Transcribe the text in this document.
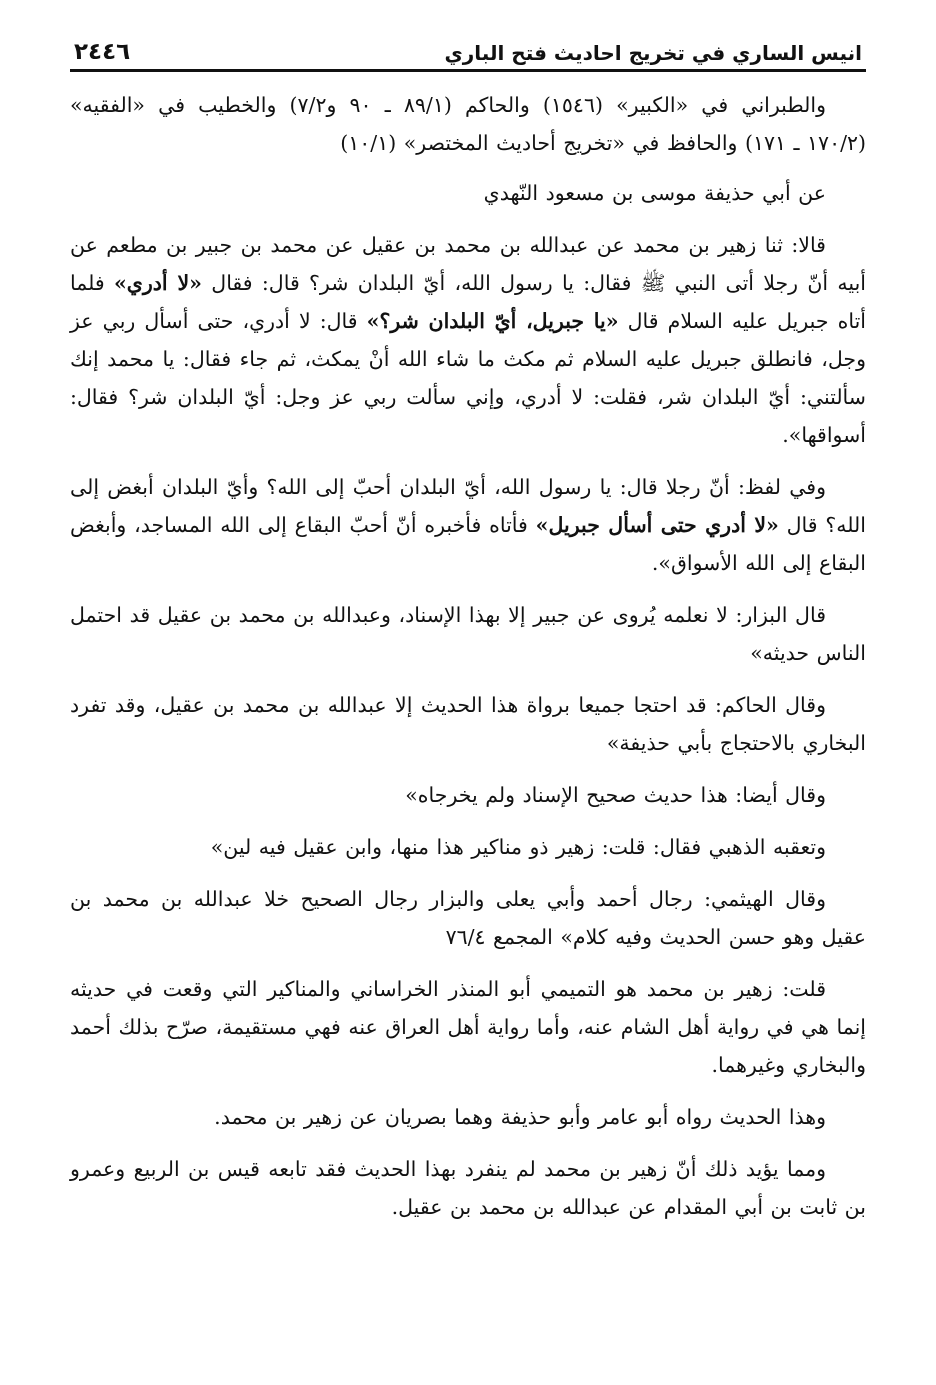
انيس الساري في تخريج احاديث فتح الباري
٢٤٤٦

والطبراني في «الكبير» (١٥٤٦) والحاكم (٨٩/١ ـ ٩٠ و٧/٢) والخطيب في «الفقيه» (١٧٠/٢ ـ ١٧١) والحافظ في «تخريج أحاديث المختصر» (١٠/١)

عن أبي حذيفة موسى بن مسعود النّهدي

قالا: ثنا زهير بن محمد عن عبدالله بن محمد بن عقيل عن محمد بن جبير بن مطعم عن أبيه أنّ رجلا أتى النبي ﷺ فقال: يا رسول الله، أيّ البلدان شر؟ قال: فقال «لا أدري» فلما أتاه جبريل عليه السلام قال «يا جبريل، أيّ البلدان شر؟» قال: لا أدري، حتى أسأل ربي عز وجل، فانطلق جبريل عليه السلام ثم مكث ما شاء الله أنْ يمكث، ثم جاء فقال: يا محمد إنك سألتني: أيّ البلدان شر، فقلت: لا أدري، وإني سألت ربي عز وجل: أيّ البلدان شر؟ فقال: أسواقها».

وفي لفظ: أنّ رجلا قال: يا رسول الله، أيّ البلدان أحبّ إلى الله؟ وأيّ البلدان أبغض إلى الله؟ قال «لا أدري حتى أسأل جبريل» فأتاه فأخبره أنّ أحبّ البقاع إلى الله المساجد، وأبغض البقاع إلى الله الأسواق».

قال البزار: لا نعلمه يُروى عن جبير إلا بهذا الإسناد، وعبدالله بن محمد بن عقيل قد احتمل الناس حديثه»

وقال الحاكم: قد احتجا جميعا برواة هذا الحديث إلا عبدالله بن محمد بن عقيل، وقد تفرد البخاري بالاحتجاج بأبي حذيفة»

وقال أيضا: هذا حديث صحيح الإسناد ولم يخرجاه»

وتعقبه الذهبي فقال: قلت: زهير ذو مناكير هذا منها، وابن عقيل فيه لين»

وقال الهيثمي: رجال أحمد وأبي يعلى والبزار رجال الصحيح خلا عبدالله بن محمد بن عقيل وهو حسن الحديث وفيه كلام» المجمع ٧٦/٤

قلت: زهير بن محمد هو التميمي أبو المنذر الخراساني والمناكير التي وقعت في حديثه إنما هي في رواية أهل الشام عنه، وأما رواية أهل العراق عنه فهي مستقيمة، صرّح بذلك أحمد والبخاري وغيرهما.

وهذا الحديث رواه أبو عامر وأبو حذيفة وهما بصريان عن زهير بن محمد.

ومما يؤيد ذلك أنّ زهير بن محمد لم ينفرد بهذا الحديث فقد تابعه قيس بن الربيع وعمرو بن ثابت بن أبي المقدام عن عبدالله بن محمد بن عقيل.
